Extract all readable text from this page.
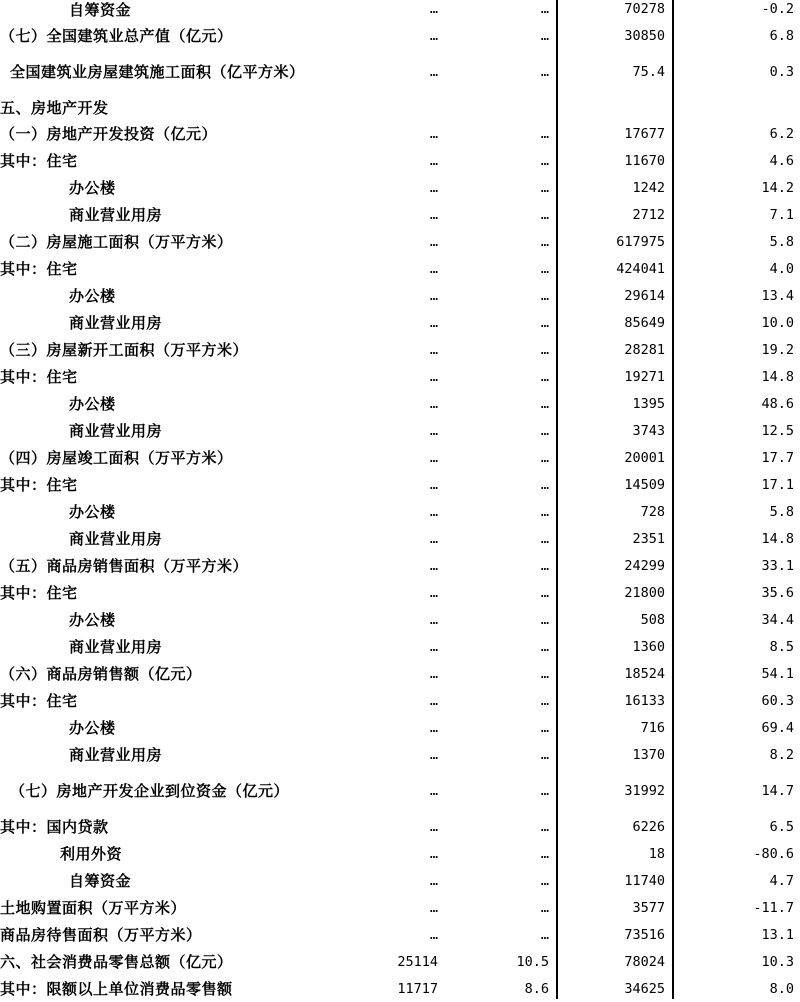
自筹资金	…	…	70278	-0.2
（七）全国建筑业总产值（亿元）	…	…	30850	6.8
全国建筑业房屋建筑施工面积（亿平方米）	…	…	75.4	0.3
五、房地产开发
（一）房地产开发投资（亿元）	…	…	17677	6.2
其中：住宅	…	…	11670	4.6
办公楼	…	…	1242	14.2
商业营业用房	…	…	2712	7.1
（二）房屋施工面积（万平方米）	…	…	617975	5.8
其中：住宅	…	…	424041	4.0
办公楼	…	…	29614	13.4
商业营业用房	…	…	85649	10.0
（三）房屋新开工面积（万平方米）	…	…	28281	19.2
其中：住宅	…	…	19271	14.8
办公楼	…	…	1395	48.6
商业营业用房	…	…	3743	12.5
（四）房屋竣工面积（万平方米）	…	…	20001	17.7
其中：住宅	…	…	14509	17.1
办公楼	…	…	728	5.8
商业营业用房	…	…	2351	14.8
（五）商品房销售面积（万平方米）	…	…	24299	33.1
其中：住宅	…	…	21800	35.6
办公楼	…	…	508	34.4
商业营业用房	…	…	1360	8.5
（六）商品房销售额（亿元）	…	…	18524	54.1
其中：住宅	…	…	16133	60.3
办公楼	…	…	716	69.4
商业营业用房	…	…	1370	8.2
（七）房地产开发企业到位资金（亿元）	…	…	31992	14.7
其中：国内贷款	…	…	6226	6.5
利用外资	…	…	18	-80.6
自筹资金	…	…	11740	4.7
土地购置面积（万平方米）	…	…	3577	-11.7
商品房待售面积（万平方米）	…	…	73516	13.1
六、社会消费品零售总额（亿元）	25114	10.5	78024	10.3
其中：限额以上单位消费品零售额	11717	8.6	34625	8.0
